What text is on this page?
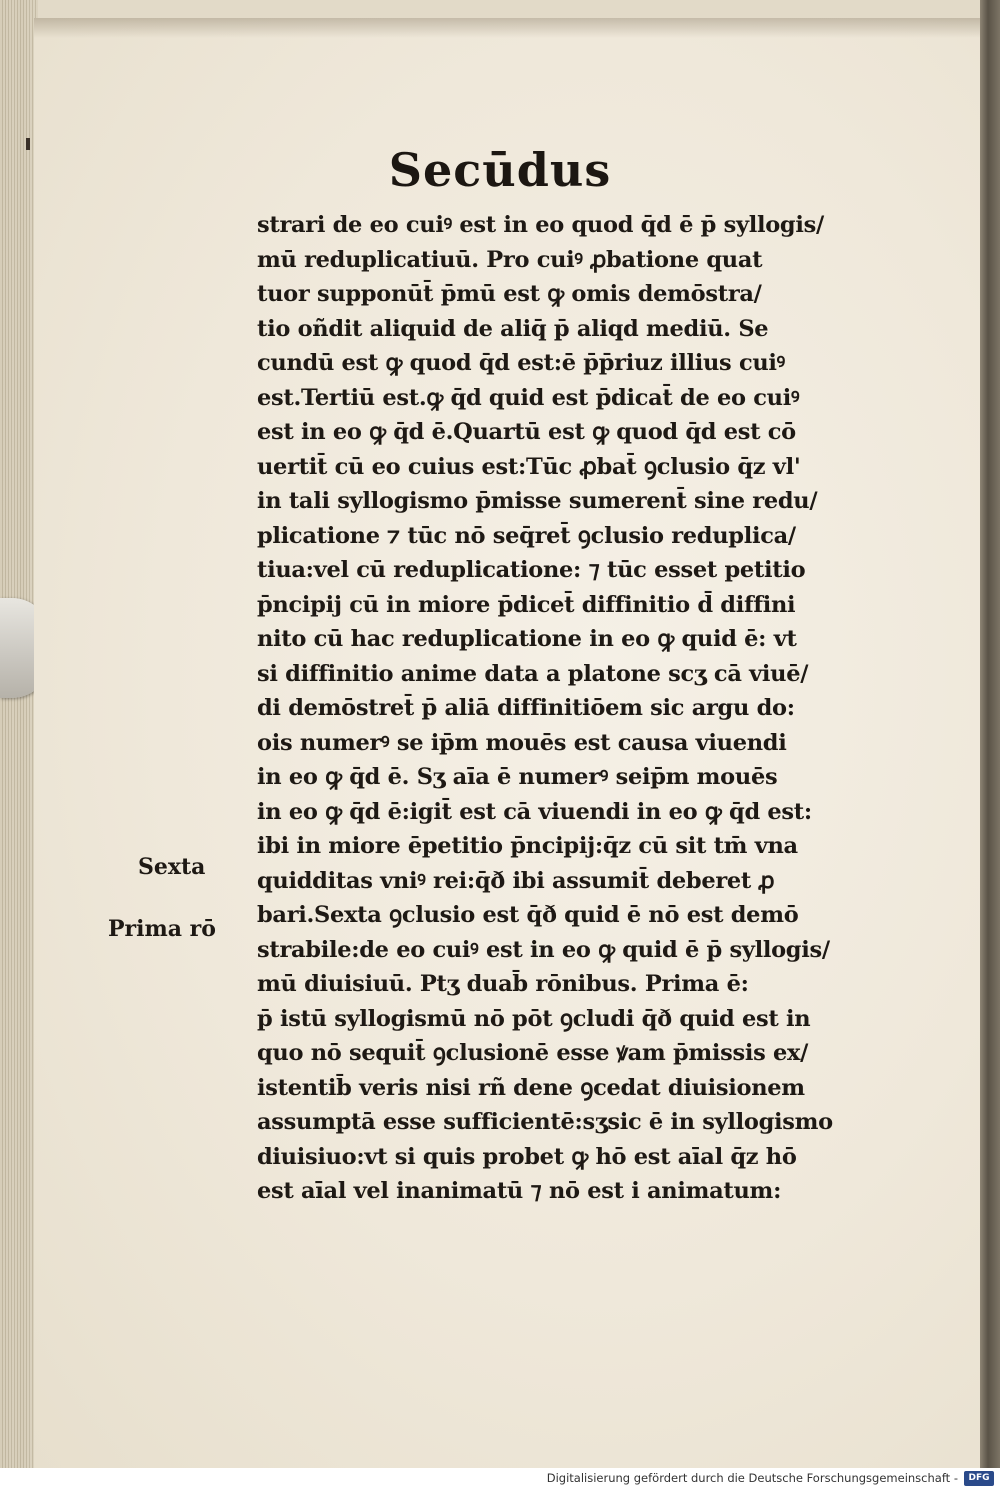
Secūdus
strari de eo cuiꝰ est in eo quod q̄d ē p̄ syllogis/
mū reduplicatiuū. Pro cuiꝰ ꝓbatione quat
tuor supponūt̄ p̄mū est ꝙ omis demōstra/
tio oñdit aliquid de aliq̄ p̄ aliqd mediū. Se
cundū est ꝙ quod q̄d est:ē p̄p̄riuz illius cuiꝰ
est.Tertiū est.ꝙ q̄d quid est p̄dicat̄ de eo cuiꝰ
est in eo ꝙ q̄d ē.Quartū est ꝙ quod q̄d est cō
uertit̄ cū eo cuius est:Tūc ꝓbat̄ ꝯclusio q̄z vl'
in tali syllogismo p̄misse sumerent̄ sine redu/
plicatione ⁊ tūc nō seq̄ret̄ ꝯclusio reduplica/
tiua:vel cū reduplicatione: ⁊ tūc esset petitio
p̄ncipij cū in miore p̄dicet̄ diffinitio d̄ diffini
nito cū hac reduplicatione in eo ꝙ quid ē: vt
si diffinitio anime data a platone scʒ cā viuē/
di demōstret̄ p̄ aliā diffinitiōem sic argu do:
ois numerꝰ se ip̄m mouēs est causa viuendi
in eo ꝙ q̄d ē. Sʒ aīa ē numerꝰ seip̄m mouēs
in eo ꝙ q̄d ē:igit̄ est cā viuendi in eo ꝙ q̄d est:
ibi in miore ēpetitio p̄ncipij:q̄z cū sit tm̄ vna
quidditas vniꝰ rei:q̄ð ibi assumit̄ deberet ꝓ
bari.Sexta ꝯclusio est q̄ð quid ē nō est demō
strabile:de eo cuiꝰ est in eo ꝙ quid ē p̄ syllogis/
mū diuisiuū. Ptʒ duab̄ rōnibus. Prima ē:
p̄ istū syllogismū nō pōt ꝯcludi q̄ð quid est in
quo nō sequit̄ ꝯclusionē esse ꝟam p̄missis ex/
istentib̄ veris nisi rñ dene ꝯcedat diuisionem
assumptā esse sufficientē:sʒsic ē in syllogismo
diuisiuo:vt si quis probet ꝙ hō est aīal q̄z hō
est aīal vel inanimatū ⁊ nō est i animatum:

Sexta

Prima rō

Digitalisierung gefördert durch die Deutsche Forschungsgemeinschaft -	DFG
